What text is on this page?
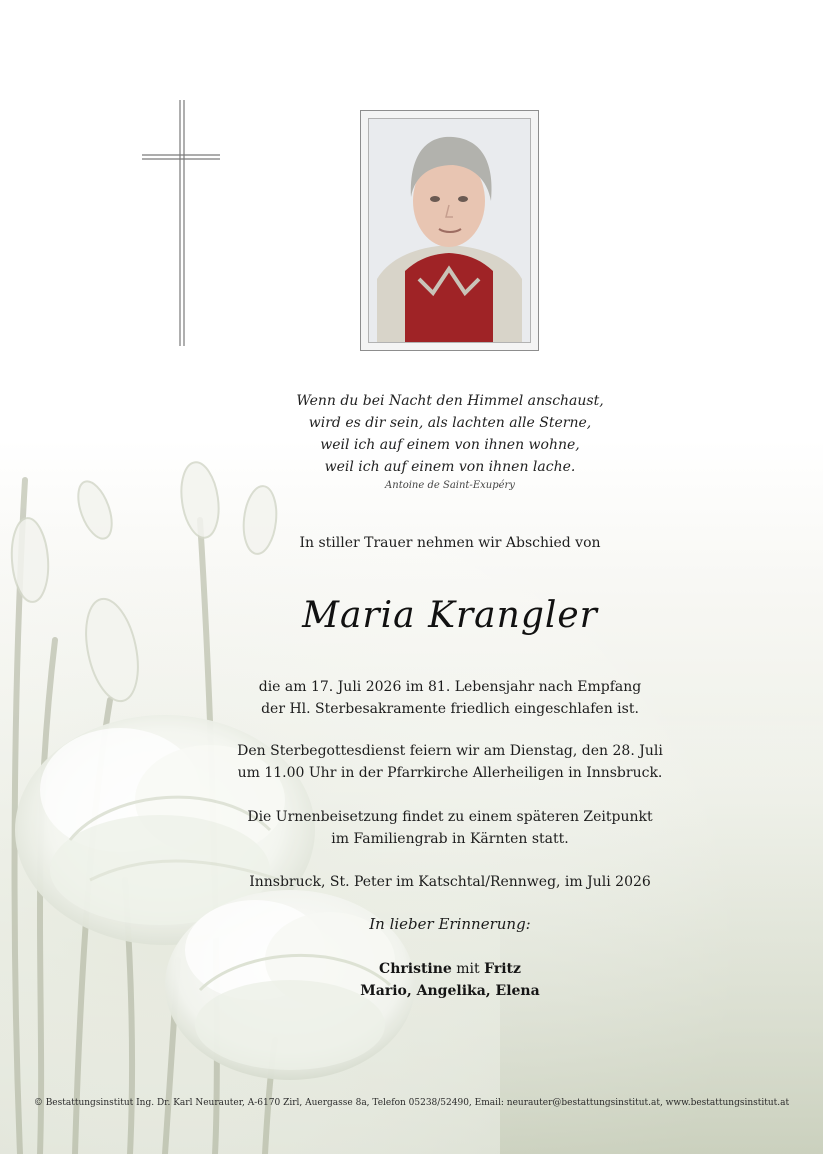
Wenn du bei Nacht den Himmel anschaust,
wird es dir sein, als lachten alle Sterne,
weil ich auf einem von ihnen wohne,
weil ich auf einem von ihnen lache.
Antoine de Saint-Exupéry
In stiller Trauer nehmen wir Abschied von
Maria Krangler
die am 17. Juli 2026 im 81. Lebensjahr nach Empfang
der Hl. Sterbesakramente friedlich eingeschlafen ist.
Den Sterbegottesdienst feiern wir am Dienstag, den 28. Juli
um 11.00 Uhr in der Pfarrkirche Allerheiligen in Innsbruck.
Die Urnenbeisetzung findet zu einem späteren Zeitpunkt
im Familiengrab in Kärnten statt.
Innsbruck, St. Peter im Katschtal/Rennweg, im Juli 2026
In lieber Erinnerung:
Christine mit Fritz
Mario, Angelika, Elena
© Bestattungsinstitut Ing. Dr. Karl Neurauter, A-6170 Zirl, Auergasse 8a, Telefon 05238/52490, Email: neurauter@bestattungsinstitut.at, www.bestattungsinstitut.at
